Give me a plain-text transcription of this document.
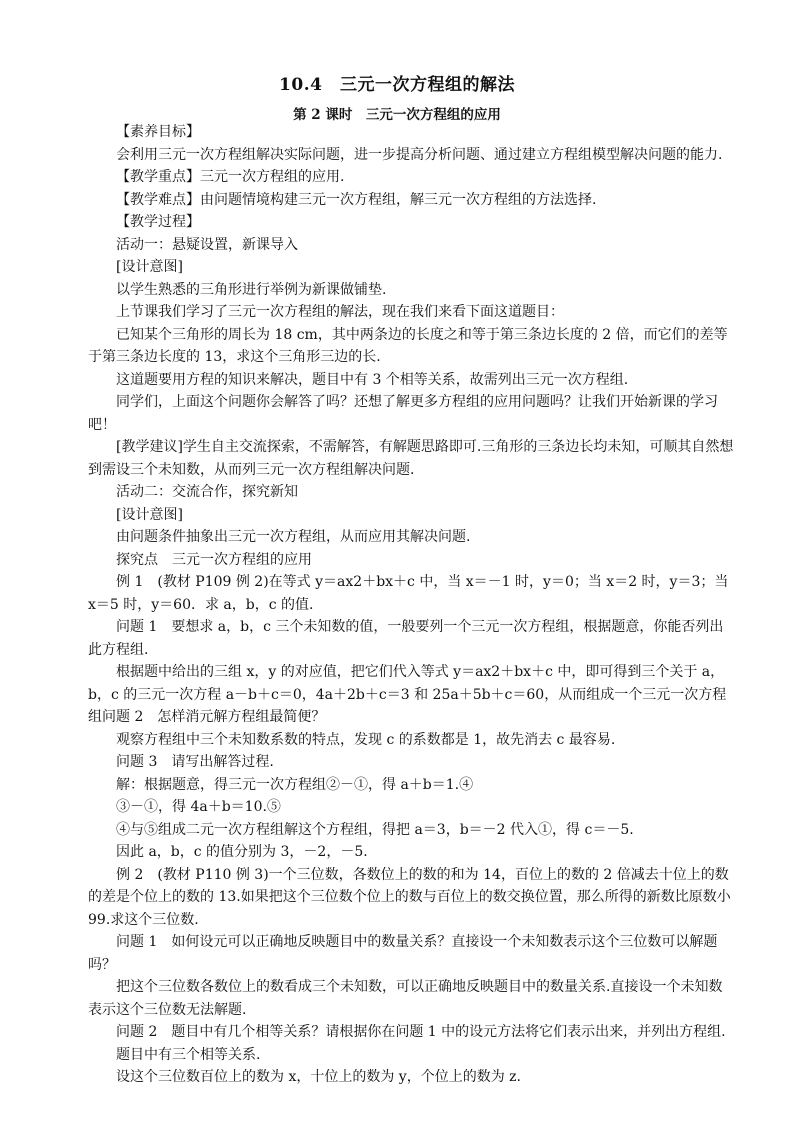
10.4　三元一次方程组的解法
第 2 课时　三元一次方程组的应用

【素养目标】

会利用三元一次方程组解决实际问题，进一步提高分析问题、通过建立方程组模型解决问题的能力.

【教学重点】三元一次方程组的应用.

【教学难点】由问题情境构建三元一次方程组，解三元一次方程组的方法选择.

【教学过程】

活动一：悬疑设置，新课导入

[设计意图]

以学生熟悉的三角形进行举例为新课做铺垫.

上节课我们学习了三元一次方程组的解法，现在我们来看下面这道题目：

已知某个三角形的周长为 18 cm，其中两条边的长度之和等于第三条边长度的 2 倍，而它们的差等于第三条边长度的 13，求这个三角形三边的长.

这道题要用方程的知识来解决，题目中有 3 个相等关系，故需列出三元一次方程组.

同学们，上面这个问题你会解答了吗？还想了解更多方程组的应用问题吗？让我们开始新课的学习吧！

[教学建议]学生自主交流探索，不需解答，有解题思路即可.三角形的三条边长均未知，可顺其自然想到需设三个未知数，从而列三元一次方程组解决问题.

活动二：交流合作，探究新知

[设计意图]

由问题条件抽象出三元一次方程组，从而应用其解决问题.

探究点　三元一次方程组的应用

例 1　(教材 P109 例 2)在等式 y＝ax2＋bx＋c 中，当 x＝－1 时，y＝0；当 x＝2 时，y＝3；当 x＝5 时，y＝60．求 a，b，c 的值.

问题 1　要想求 a，b，c 三个未知数的值，一般要列一个三元一次方程组，根据题意，你能否列出此方程组.

根据题中给出的三组 x，y 的对应值，把它们代入等式 y＝ax2＋bx＋c 中，即可得到三个关于 a，b，c 的三元一次方程 a－b＋c＝0，4a＋2b＋c＝3 和 25a＋5b＋c＝60，从而组成一个三元一次方程组问题 2　怎样消元解方程组最简便？

观察方程组中三个未知数系数的特点，发现 c 的系数都是 1，故先消去 c 最容易.

问题 3　请写出解答过程.

解：根据题意，得三元一次方程组②－①，得 a＋b＝1.④

③－①，得 4a＋b＝10.⑤

④与⑤组成二元一次方程组解这个方程组，得把 a＝3，b＝－2 代入①，得 c＝－5.

因此 a，b，c 的值分别为 3，－2，－5.

例 2　(教材 P110 例 3)一个三位数，各数位上的数的和为 14，百位上的数的 2 倍减去十位上的数的差是个位上的数的 13.如果把这个三位数个位上的数与百位上的数交换位置，那么所得的新数比原数小 99.求这个三位数.

问题 1　如何设元可以正确地反映题目中的数量关系？直接设一个未知数表示这个三位数可以解题吗？

把这个三位数各数位上的数看成三个未知数，可以正确地反映题目中的数量关系.直接设一个未知数表示这个三位数无法解题.

问题 2　题目中有几个相等关系？请根据你在问题 1 中的设元方法将它们表示出来，并列出方程组.

题目中有三个相等关系.

设这个三位数百位上的数为 x，十位上的数为 y，个位上的数为 z.
